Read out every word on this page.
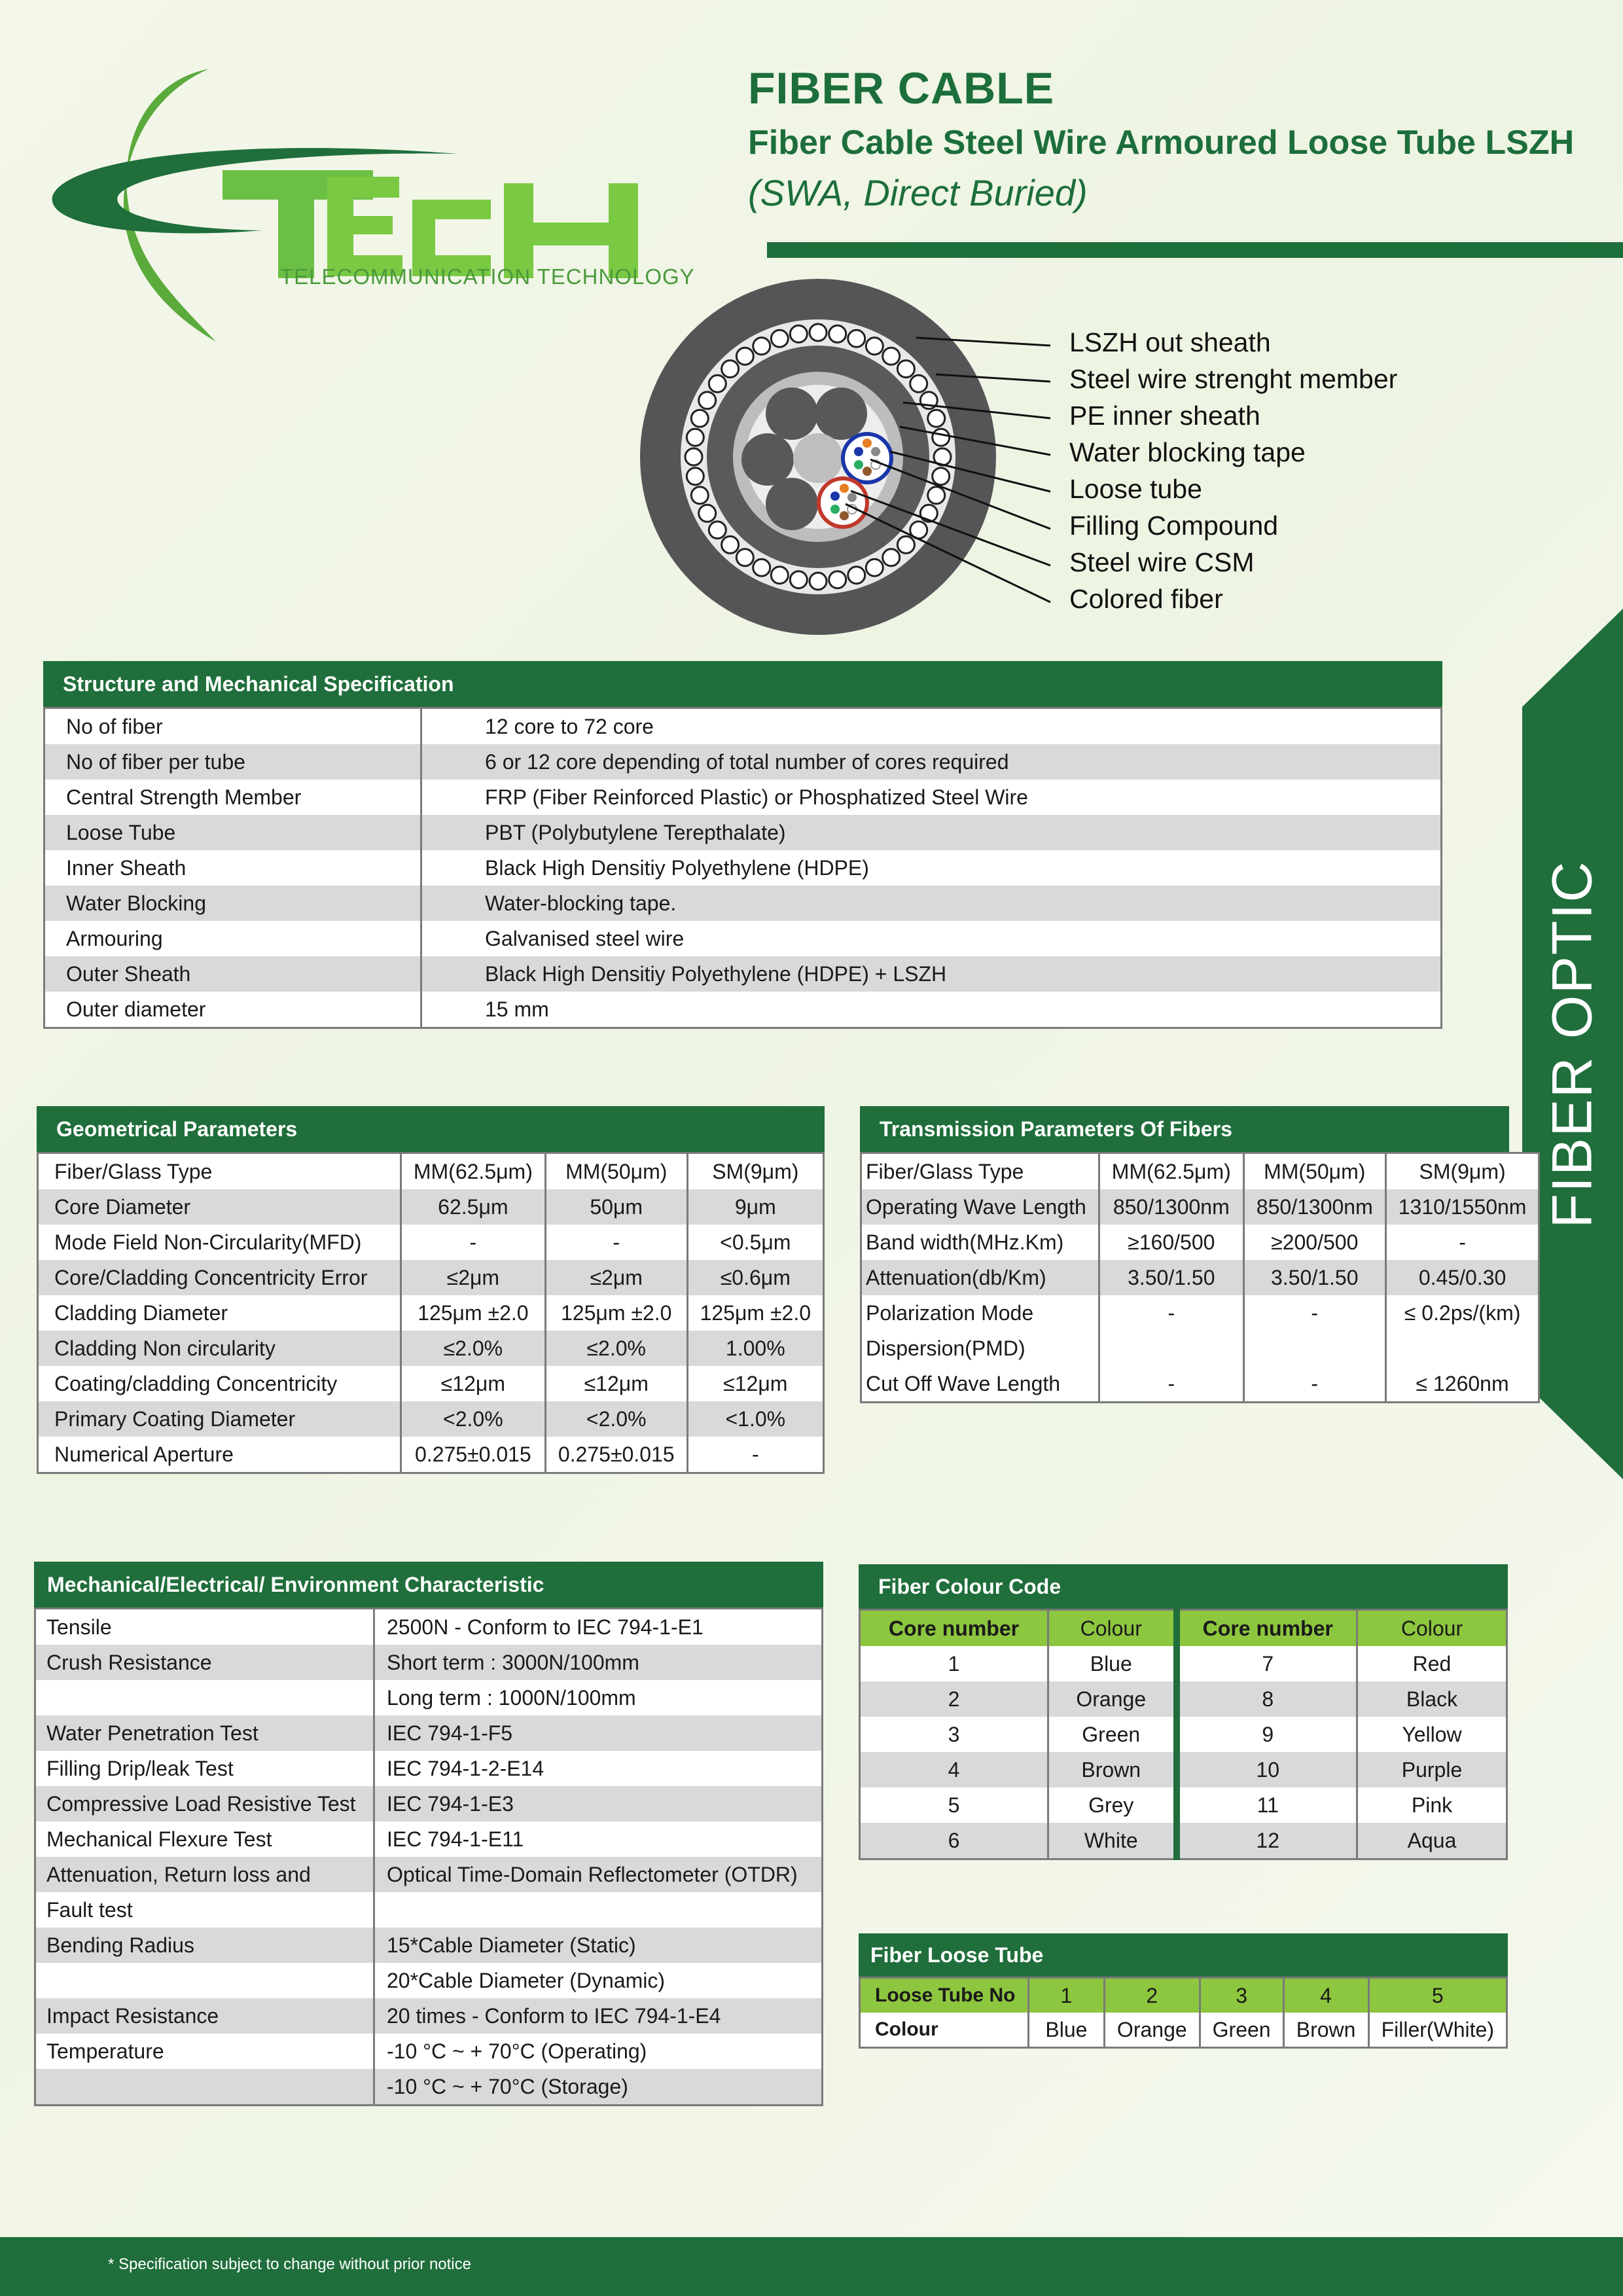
TELECOMMUNICATION TECHNOLOGY
FIBER CABLE
Fiber Cable Steel Wire Armoured Loose Tube LSZH
(SWA, Direct Buried)
FIBER OPTIC
LSZH out sheath
Steel wire strenght member
PE inner sheath
Water blocking tape
Loose tube
Filling Compound
Steel wire CSM
Colored fiber
Structure and Mechanical Specification
No of fiber	12 core to 72 core
No of fiber per tube	6 or 12 core depending of total number of cores required
Central Strength Member	FRP (Fiber Reinforced Plastic) or Phosphatized Steel Wire
Loose Tube	PBT (Polybutylene Terepthalate)
Inner Sheath	Black High Densitiy Polyethylene (HDPE)
Water Blocking	Water-blocking tape.
Armouring	Galvanised steel wire
Outer Sheath	Black High Densitiy Polyethylene (HDPE) + LSZH
Outer diameter	15 mm
Geometrical Parameters
Fiber/Glass Type	MM(62.5μm)	MM(50μm)	SM(9μm)
Core Diameter	62.5μm	50μm	9μm
Mode Field Non-Circularity(MFD)	-	-	<0.5μm
Core/Cladding Concentricity Error	≤2μm	≤2μm	≤0.6μm
Cladding Diameter	125μm ±2.0	125μm ±2.0	125μm ±2.0
Cladding Non circularity	≤2.0%	≤2.0%	1.00%
Coating/cladding Concentricity	≤12μm	≤12μm	≤12μm
Primary Coating Diameter	<2.0%	<2.0%	<1.0%
Numerical Aperture	0.275±0.015	0.275±0.015	-
Transmission Parameters Of Fibers
Fiber/Glass Type	MM(62.5μm)	MM(50μm)	SM(9μm)
Operating Wave Length	850/1300nm	850/1300nm	1310/1550nm
Band width(MHz.Km)	≥160/500	≥200/500	-
Attenuation(db/Km)	3.50/1.50	3.50/1.50	0.45/0.30
Polarization Mode	-	-	≤ 0.2ps/(km)
Dispersion(PMD)			
Cut Off Wave Length	-	-	≤ 1260nm
Mechanical/Electrical/ Environment Characteristic
Tensile	2500N - Conform to IEC 794-1-E1
Crush Resistance	Short term : 3000N/100mm
	Long term : 1000N/100mm
Water Penetration Test	IEC 794-1-F5
Filling Drip/leak Test	IEC 794-1-2-E14
Compressive Load Resistive Test	IEC 794-1-E3
Mechanical Flexure Test	IEC 794-1-E11
Attenuation, Return loss and	Optical Time-Domain Reflectometer (OTDR)
Fault test	
Bending Radius	15*Cable Diameter (Static)
	20*Cable Diameter (Dynamic)
Impact Resistance	20 times - Conform to IEC 794-1-E4
Temperature	-10 °C ~ + 70°C (Operating)
	-10 °C ~ + 70°C (Storage)
Fiber Colour Code
Core number	Colour	Core number	Colour
1	Blue	7	Red
2	Orange	8	Black
3	Green	9	Yellow
4	Brown	10	Purple
5	Grey	11	Pink
6	White	12	Aqua
Fiber Loose Tube
Loose Tube No	1	2	3	4	5
Colour	Blue	Orange	Green	Brown	Filler(White)
* Specification subject to change without prior notice
